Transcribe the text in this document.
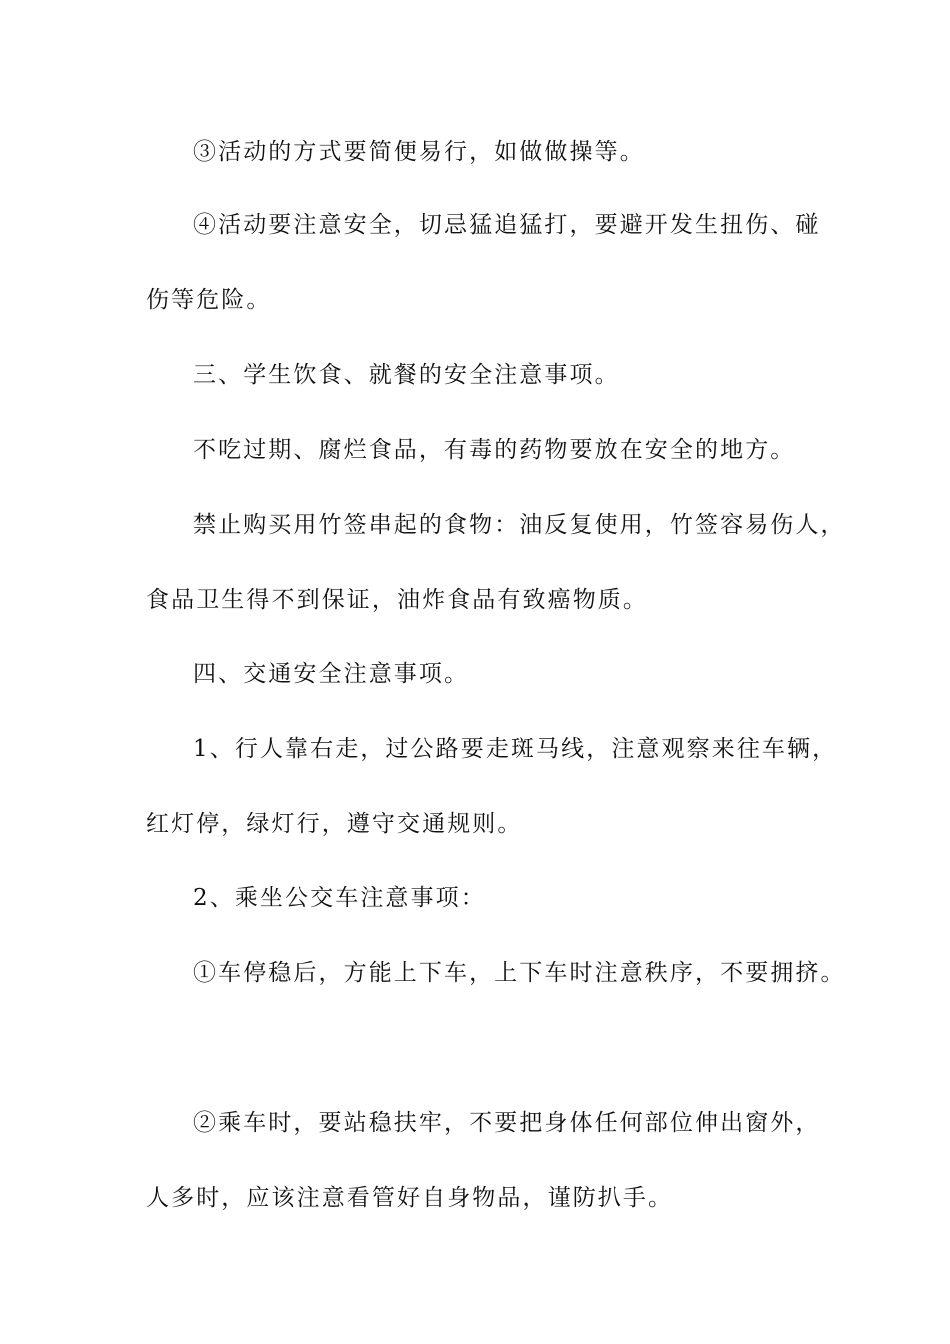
③活动的方式要简便易行，如做做操等。
④活动要注意安全，切忌猛追猛打，要避开发生扭伤、碰
伤等危险。
三、学生饮食、就餐的安全注意事项。
不吃过期、腐烂食品，有毒的药物要放在安全的地方。
禁止购买用竹签串起的食物：油反复使用，竹签容易伤人，
食品卫生得不到保证，油炸食品有致癌物质。
四、交通安全注意事项。
1、行人靠右走，过公路要走斑马线，注意观察来往车辆，
红灯停，绿灯行，遵守交通规则。
2、乘坐公交车注意事项：
①车停稳后，方能上下车，上下车时注意秩序，不要拥挤。
②乘车时，要站稳扶牢，不要把身体任何部位伸出窗外，
人多时，应该注意看管好自身物品，谨防扒手。
